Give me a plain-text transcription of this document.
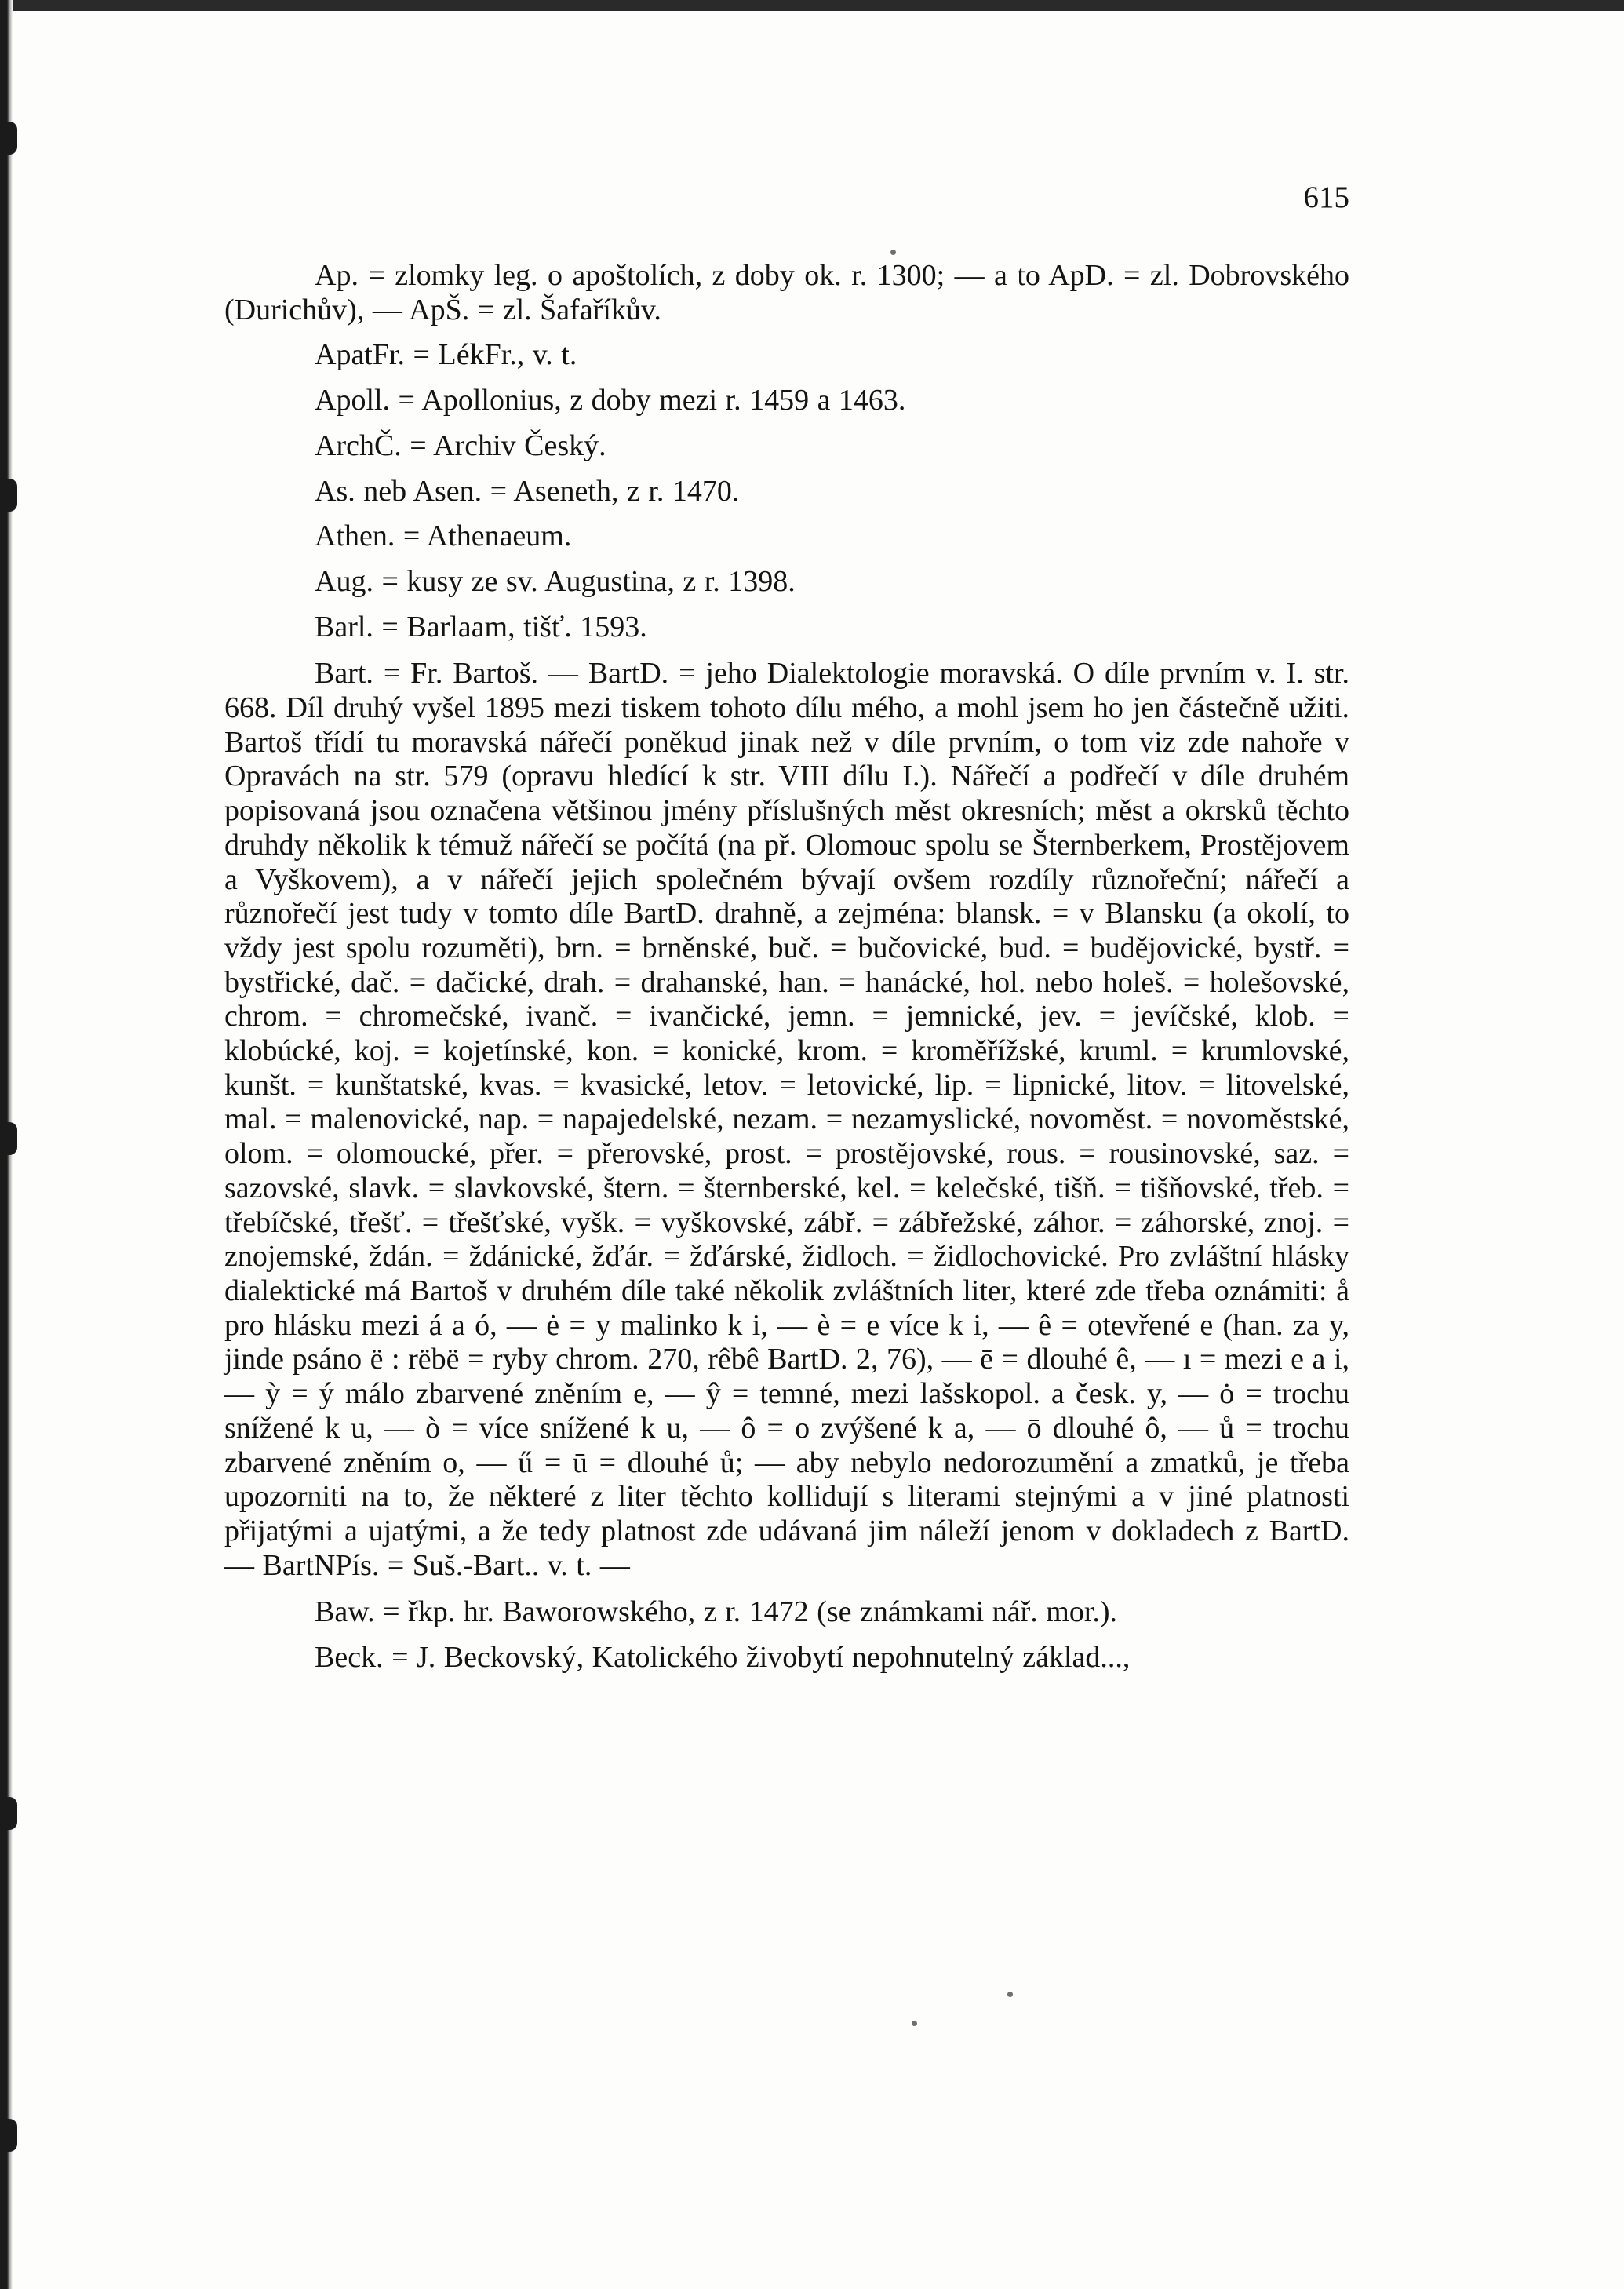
615

Ap. = zlomky leg. o apoštolích, z doby ok. r. 1300; — a to ApD. = zl. Dobrovského (Durichův), — ApŠ. = zl. Šafaříkův.

ApatFr. = LékFr., v. t.

Apoll. = Apollonius, z doby mezi r. 1459 a 1463.

ArchČ. = Archiv Český.

As. neb Asen. = Aseneth, z r. 1470.

Athen. = Athenaeum.

Aug. = kusy ze sv. Augustina, z r. 1398.

Barl. = Barlaam, tišť. 1593.

Bart. = Fr. Bartoš. — BartD. = jeho Dialektologie moravská. O díle prvním v. I. str. 668. Díl druhý vyšel 1895 mezi tiskem tohoto dílu mého, a mohl jsem ho jen částečně užiti. Bartoš třídí tu moravská nářečí poněkud jinak než v díle prvním, o tom viz zde nahoře v Opravách na str. 579 (opravu hledící k str. VIII dílu I.). Nářečí a podřečí v díle druhém popisovaná jsou označena většinou jmény příslušných měst okresních; měst a okrsků těchto druhdy několik k témuž nářečí se počítá (na př. Olomouc spolu se Šternberkem, Prostějovem a Vyškovem), a v nářečí jejich společném bývají ovšem rozdíly různořeční; nářečí a různořečí jest tudy v tomto díle BartD. drahně, a zejména: blansk. = v Blansku (a okolí, to vždy jest spolu rozuměti), brn. = brněnské, buč. = bučovické, bud. = budějovické, bystř. = bystřické, dač. = dačické, drah. = drahanské, han. = hanácké, hol. nebo holeš. = holešovské, chrom. = chromečské, ivanč. = ivančické, jemn. = jemnické, jev. = jevíčské, klob. = klobúcké, koj. = kojetínské, kon. = konické, krom. = kroměřížské, kruml. = krumlovské, kunšt. = kunštatské, kvas. = kvasické, letov. = letovické, lip. = lipnické, litov. = litovelské, mal. = malenovické, nap. = napajedelské, nezam. = nezamyslické, novoměst. = novoměstské, olom. = olomoucké, přer. = přerovské, prost. = prostějovské, rous. = rousinovské, saz. = sazovské, slavk. = slavkovské, štern. = šternberské, kel. = kelečské, tišň. = tišňovské, třeb. = třebíčské, třešť. = třešťské, vyšk. = vyškovské, zábř. = zábřežské, záhor. = záhorské, znoj. = znojemské, ždán. = ždánické, žďár. = žďárské, židloch. = židlochovické. Pro zvláštní hlásky dialektické má Bartoš v druhém díle také několik zvláštních liter, které zde třeba oznámiti: å pro hlásku mezi á a ó, — ė = y malinko k i, — è = e více k i, — ê = otevřené e (han. za y, jinde psáno ë : rëbë = ryby chrom. 270, rêbê BartD. 2, 76), — ē = dlouhé ê, — ı = mezi e a i, — ỳ = ý málo zbarvené zněním e, — ŷ = temné, mezi lašskopol. a česk. y, — ȯ = trochu snížené k u, — ò = více snížené k u, — ô = o zvýšené k a, — ō dlouhé ô, — ů = trochu zbarvené zněním o, — ű = ū = dlouhé ů; — aby nebylo nedorozumění a zmatků, je třeba upozorniti na to, že některé z liter těchto kollidují s literami stejnými a v jiné platnosti přijatými a ujatými, a že tedy platnost zde udávaná jim náleží jenom v dokladech z BartD. — BartNPís. = Suš.-Bart.. v. t. —

Baw. = řkp. hr. Baworowského, z r. 1472 (se známkami nář. mor.).

Beck. = J. Beckovský, Katolického živobytí nepohnutelný základ...,
